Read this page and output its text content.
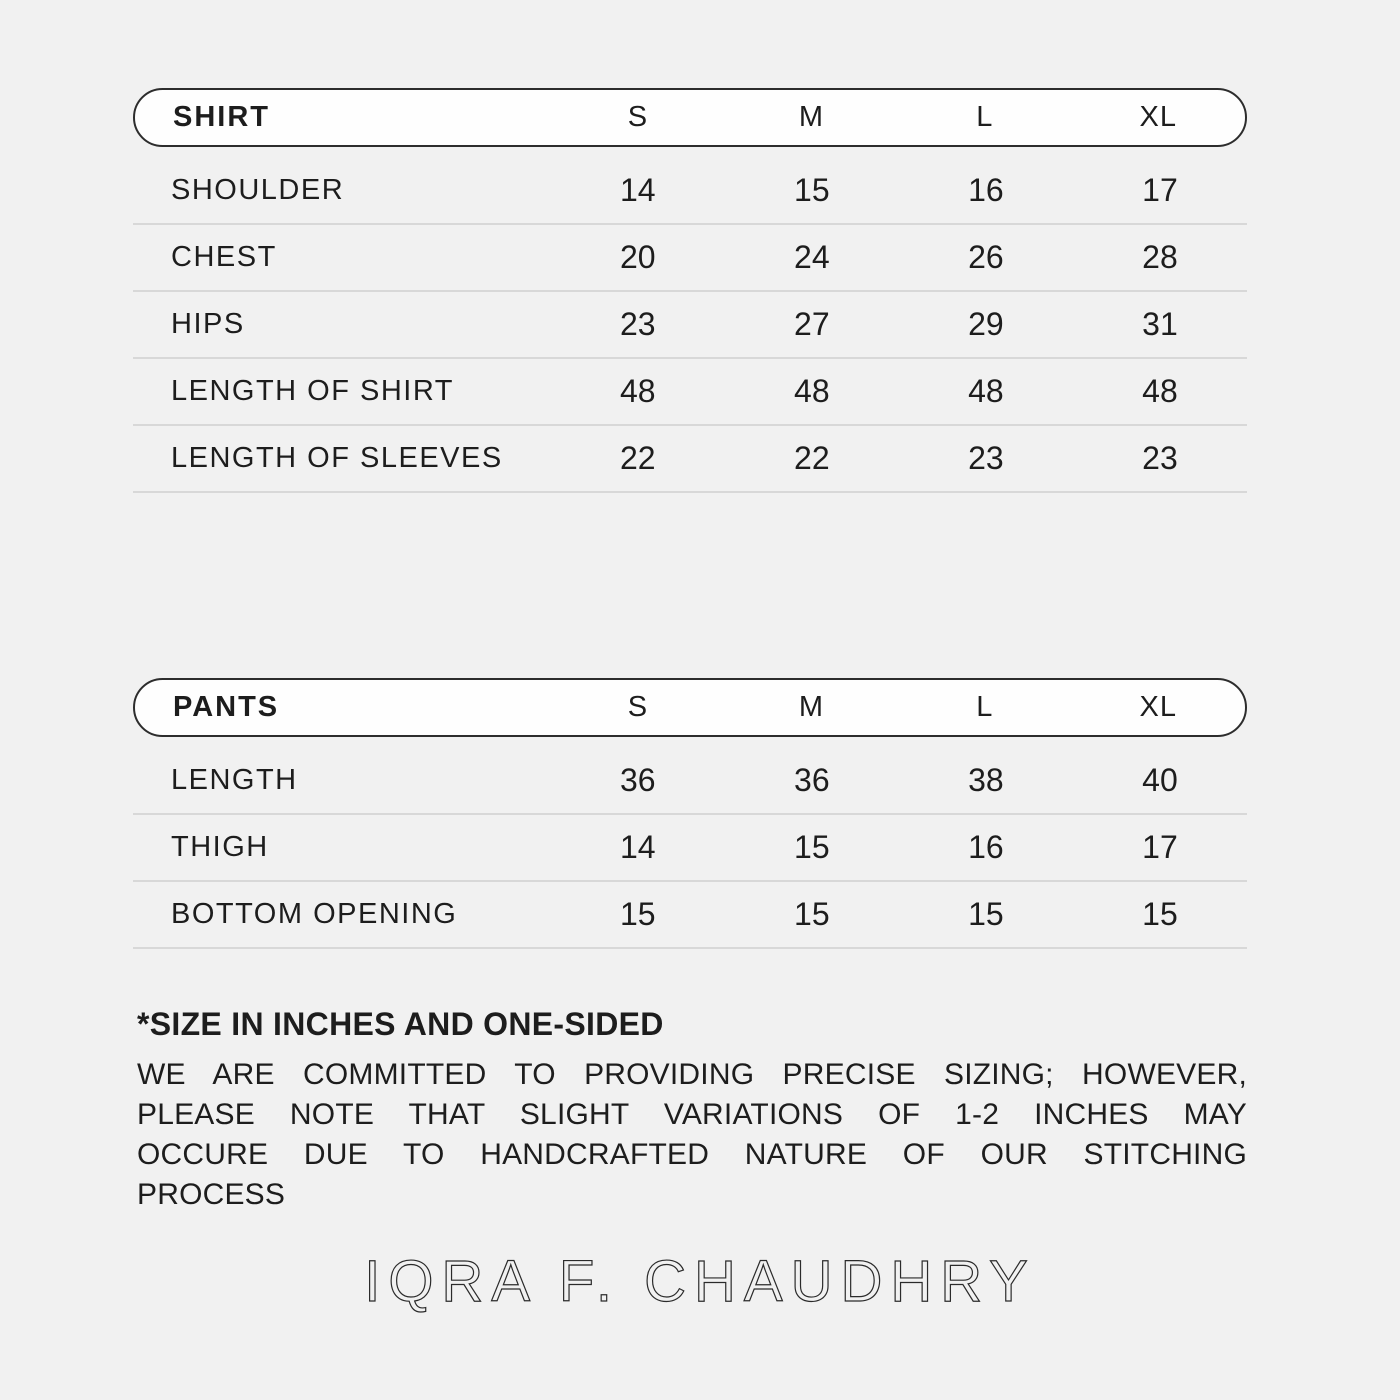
SHIRT	S	M	L	XL
SHOULDER	14	15	16	17
CHEST	20	24	26	28
HIPS	23	27	29	31
LENGTH OF SHIRT	48	48	48	48
LENGTH OF SLEEVES	22	22	23	23
PANTS	S	M	L	XL
LENGTH	36	36	38	40
THIGH	14	15	16	17
BOTTOM OPENING	15	15	15	15

*SIZE IN INCHES AND ONE-SIDED

WE ARE COMMITTED TO PROVIDING PRECISE SIZING; HOWEVER, PLEASE NOTE THAT SLIGHT VARIATIONS OF 1-2 INCHES MAY OCCURE DUE TO HANDCRAFTED NATURE OF OUR STITCHING PROCESS

IQRA F. CHAUDHRY
